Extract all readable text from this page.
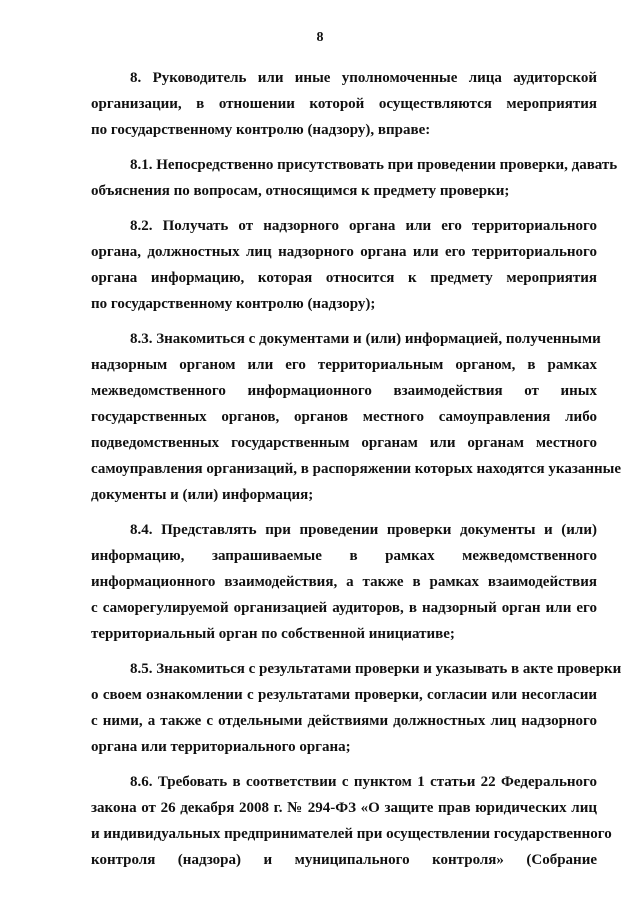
8

8. Руководитель или иные уполномоченные лица аудиторской
организации, в отношении которой осуществляются мероприятия
по государственному контролю (надзору), вправе:

8.1. Непосредственно присутствовать при проведении проверки, давать
объяснения по вопросам, относящимся к предмету проверки;

8.2. Получать от надзорного органа или его территориального
органа, должностных лиц надзорного органа или его территориального
органа информацию, которая относится к предмету мероприятия
по государственному контролю (надзору);

8.3. Знакомиться с документами и (или) информацией, полученными
надзорным органом или его территориальным органом, в рамках
межведомственного информационного взаимодействия от иных
государственных органов, органов местного самоуправления либо
подведомственных государственным органам или органам местного
самоуправления организаций, в распоряжении которых находятся указанные
документы и (или) информация;

8.4. Представлять при проведении проверки документы и (или)
информацию, запрашиваемые в рамках межведомственного
информационного взаимодействия, а также в рамках взаимодействия
с саморегулируемой организацией аудиторов, в надзорный орган или его
территориальный орган по собственной инициативе;

8.5. Знакомиться с результатами проверки и указывать в акте проверки
о своем ознакомлении с результатами проверки, согласии или несогласии
с ними, а также с отдельными действиями должностных лиц надзорного
органа или территориального органа;

8.6. Требовать в соответствии с пунктом 1 статьи 22 Федерального
закона от 26 декабря 2008 г. № 294-ФЗ «О защите прав юридических лиц
и индивидуальных предпринимателей при осуществлении государственного
контроля (надзора) и муниципального контроля» (Собрание
